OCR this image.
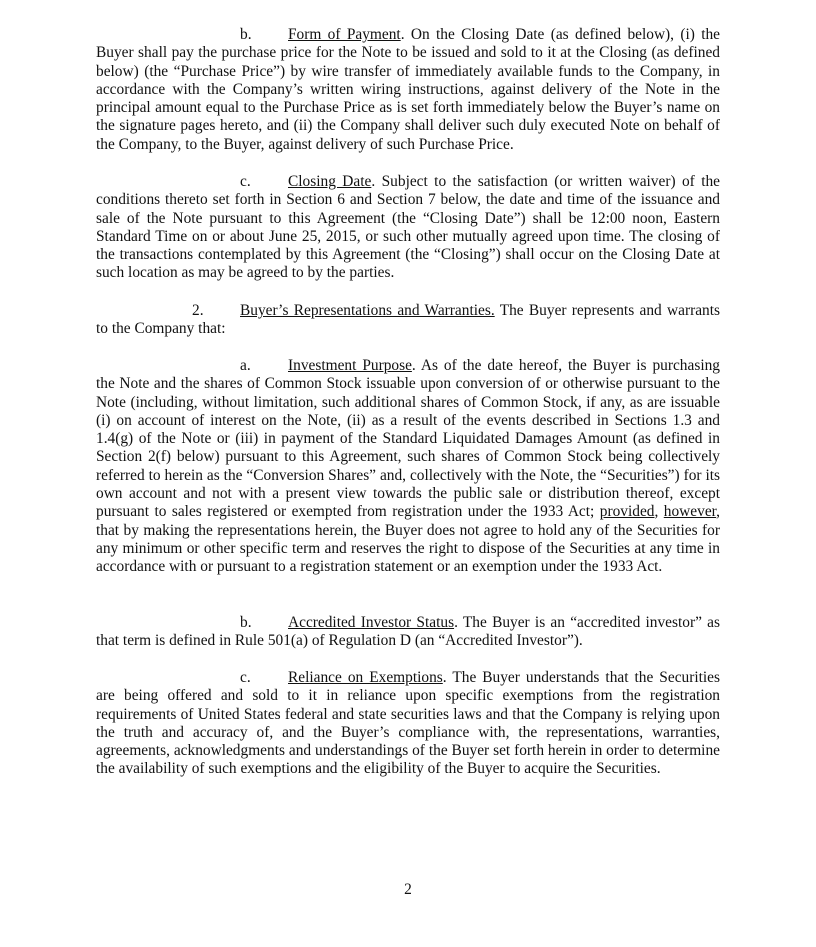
b. Form of Payment. On the Closing Date (as defined below), (i) the Buyer shall pay the purchase price for the Note to be issued and sold to it at the Closing (as defined below) (the “Purchase Price”) by wire transfer of immediately available funds to the Company, in accordance with the Company’s written wiring instructions, against delivery of the Note in the principal amount equal to the Purchase Price as is set forth immediately below the Buyer’s name on the signature pages hereto, and (ii) the Company shall deliver such duly executed Note on behalf of the Company, to the Buyer, against delivery of such Purchase Price.

c. Closing Date. Subject to the satisfaction (or written waiver) of the conditions thereto set forth in Section 6 and Section 7 below, the date and time of the issuance and sale of the Note pursuant to this Agreement (the “Closing Date”) shall be 12:00 noon, Eastern Standard Time on or about June 25, 2015, or such other mutually agreed upon time. The closing of the transactions contemplated by this Agreement (the “Closing”) shall occur on the Closing Date at such location as may be agreed to by the parties.

2. Buyer’s Representations and Warranties. The Buyer represents and warrants to the Company that:

a. Investment Purpose. As of the date hereof, the Buyer is purchasing the Note and the shares of Common Stock issuable upon conversion of or otherwise pursuant to the Note (including, without limitation, such additional shares of Common Stock, if any, as are issuable (i) on account of interest on the Note, (ii) as a result of the events described in Sections 1.3 and 1.4(g) of the Note or (iii) in payment of the Standard Liquidated Damages Amount (as defined in Section 2(f) below) pursuant to this Agreement, such shares of Common Stock being collectively referred to herein as the “Conversion Shares” and, collectively with the Note, the “Securities”) for its own account and not with a present view towards the public sale or distribution thereof, except pursuant to sales registered or exempted from registration under the 1933 Act; provided, however, that by making the representations herein, the Buyer does not agree to hold any of the Securities for any minimum or other specific term and reserves the right to dispose of the Securities at any time in accordance with or pursuant to a registration statement or an exemption under the 1933 Act.

b. Accredited Investor Status. The Buyer is an “accredited investor” as that term is defined in Rule 501(a) of Regulation D (an “Accredited Investor”).

c. Reliance on Exemptions. The Buyer understands that the Securities are being offered and sold to it in reliance upon specific exemptions from the registration requirements of United States federal and state securities laws and that the Company is relying upon the truth and accuracy of, and the Buyer’s compliance with, the representations, warranties, agreements, acknowledgments and understandings of the Buyer set forth herein in order to determine the availability of such exemptions and the eligibility of the Buyer to acquire the Securities.

2
